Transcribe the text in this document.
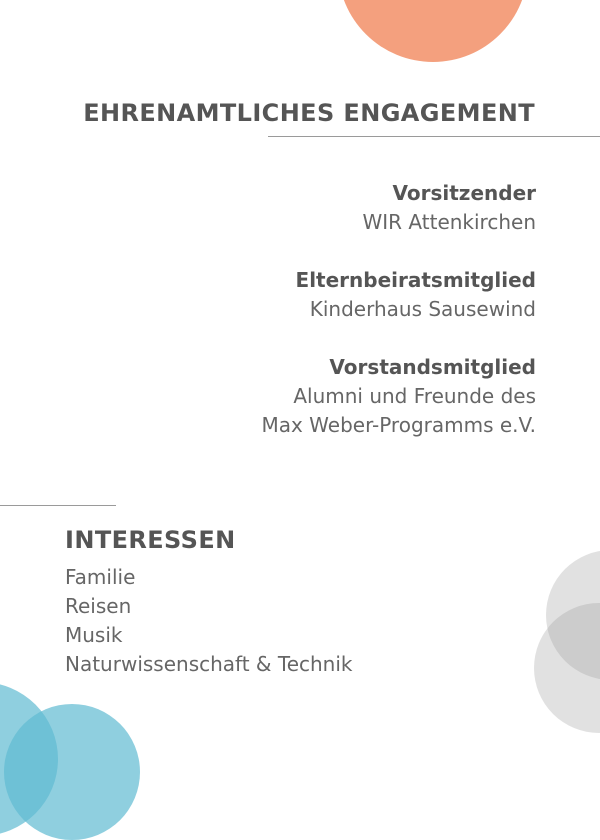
EHRENAMTLICHES ENGAGEMENT
Vorsitzender
WIR Attenkirchen
Elternbeiratsmitglied
Kinderhaus Sausewind
Vorstandsmitglied
Alumni und Freunde des
Max Weber-Programms e.V.
INTERESSEN
Familie
Reisen
Musik
Naturwissenschaft & Technik
